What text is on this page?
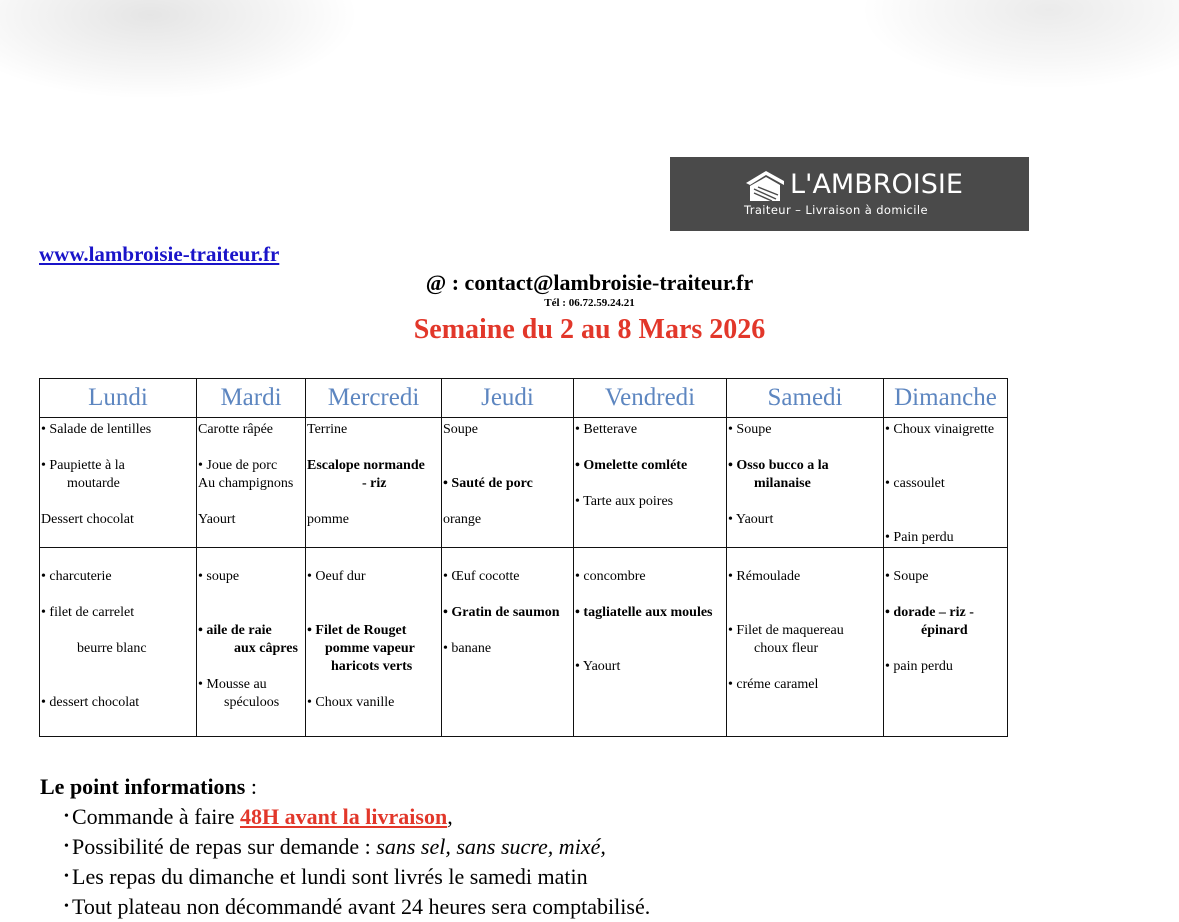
L'AMBROISIE
Traiteur – Livraison à domicile
www.lambroisie-traiteur.fr
@ : contact@lambroisie-traiteur.fr
Tél : 06.72.59.24.21
Semaine du 2 au 8 Mars 2026
Lundi	Mardi	Mercredi	Jeudi	Vendredi	Samedi	Dimanche

• Salade de lentilles
• Paupiette à la
moutarde
Dessert chocolat	Carotte râpée
• Joue de porc
Au champignons
Yaourt	Terrine
Escalope normande
- riz
pomme	Soupe
• Sauté de porc
orange	• Betterave
• Omelette comléte
• Tarte aux poires	• Soupe
• Osso bucco a la
milanaise
• Yaourt	• Choux vinaigrette
• cassoulet
• Pain perdu

• charcuterie
• filet de carrelet
beurre blanc
• dessert chocolat	• soupe
• aile de raie
aux câpres
• Mousse au
spéculoos	• Oeuf dur
• Filet de Rouget
pomme vapeur
haricots verts
• Choux vanille	• Œuf cocotte
• Gratin de saumon
• banane	• concombre
• tagliatelle aux moules
• Yaourt	• Rémoulade
• Filet de maquereau
choux fleur
• créme caramel	• Soupe
• dorade – riz -
épinard
• pain perdu
Le point informations :
• Commande à faire 48H avant la livraison,
• Possibilité de repas sur demande : sans sel, sans sucre, mixé,
• Les repas du dimanche et lundi sont livrés le samedi matin
• Tout plateau non décommandé avant 24 heures sera comptabilisé.
